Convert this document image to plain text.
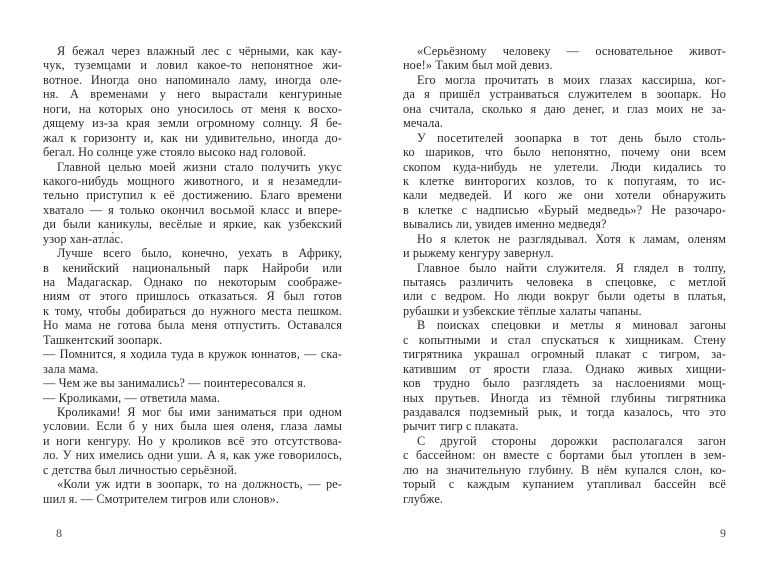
Я бежал через влажный лес с чёрными, как кау-
чук, туземцами и ловил какое-то непонятное жи-
вотное. Иногда оно напоминало ламу, иногда оле-
ня. А временами у него вырастали кенгуриные
ноги, на которых оно уносилось от меня к восхо-
дящему из-за края земли огромному солнцу. Я бе-
жал к горизонту и, как ни удивительно, иногда до-
бегал. Но солнце уже стояло высоко над головой.
Главной целью моей жизни стало получить укус
какого-нибудь мощного животного, и я незамедли-
тельно приступил к её достижению. Благо времени
хватало — я только окончил восьмой класс и впере-
ди были каникулы, весёлые и яркие, как узбекский
узор хан-атла́с.
Лучше всего было, конечно, уехать в Африку,
в кенийский национальный парк Найроби или
на Мадагаскар. Однако по некоторым соображе-
ниям от этого пришлось отказаться. Я был готов
к тому, чтобы добираться до нужного места пешком.
Но мама не готова была меня отпустить. Оставался
Ташкентский зоопарк.
— Помнится, я ходила туда в кружок юннатов, — ска-
зала мама.
— Чем же вы занимались? — поинтересовался я.
— Кроликами, — ответила мама.
Кроликами! Я мог бы ими заниматься при одном
условии. Если б у них была шея оленя, глаза ламы
и ноги кенгуру. Но у кроликов всё это отсутствова-
ло. У них имелись одни уши. А я, как уже говорилось,
с детства был личностью серьёзной.
«Коли уж идти в зоопарк, то на должность, — ре-
шил я. — Смотрителем тигров или слонов».
«Серьёзному человеку — основательное живот-
ное!» Таким был мой девиз.
Его могла прочитать в моих глазах кассирша, ког-
да я пришёл устраиваться служителем в зоопарк. Но
она считала, сколько я даю денег, и глаз моих не за-
мечала.
У посетителей зоопарка в тот день было столь-
ко шариков, что было непонятно, почему они всем
скопом куда-нибудь не улетели. Люди кидались то
к клетке винторогих козлов, то к попугаям, то ис-
кали медведей. И кого же они хотели обнаружить
в клетке с надписью «Бурый медведь»? Не разочаро-
вывались ли, увидев именно медведя?
Но я клеток не разглядывал. Хотя к ламам, оленям
и рыжему кенгуру завернул.
Главное было найти служителя. Я глядел в толпу,
пытаясь различить человека в спецовке, с метлой
или с ведром. Но люди вокруг были одеты в платья,
рубашки и узбекские тёплые халаты чапаны.
В поисках спецовки и метлы я миновал загоны
с копытными и стал спускаться к хищникам. Стену
тигрятника украшал огромный плакат с тигром, за-
катившим от ярости глаза. Однако живых хищни-
ков трудно было разглядеть за наслоениями мощ-
ных прутьев. Иногда из тёмной глубины тигрятника
раздавался подземный рык, и тогда казалось, что это
рычит тигр с плаката.
С другой стороны дорожки располагался загон
с бассейном: он вместе с бортами был утоплен в зем-
лю на значительную глубину. В нём купался слон, ко-
торый с каждым купанием утапливал бассейн всё
глубже.
8	9
